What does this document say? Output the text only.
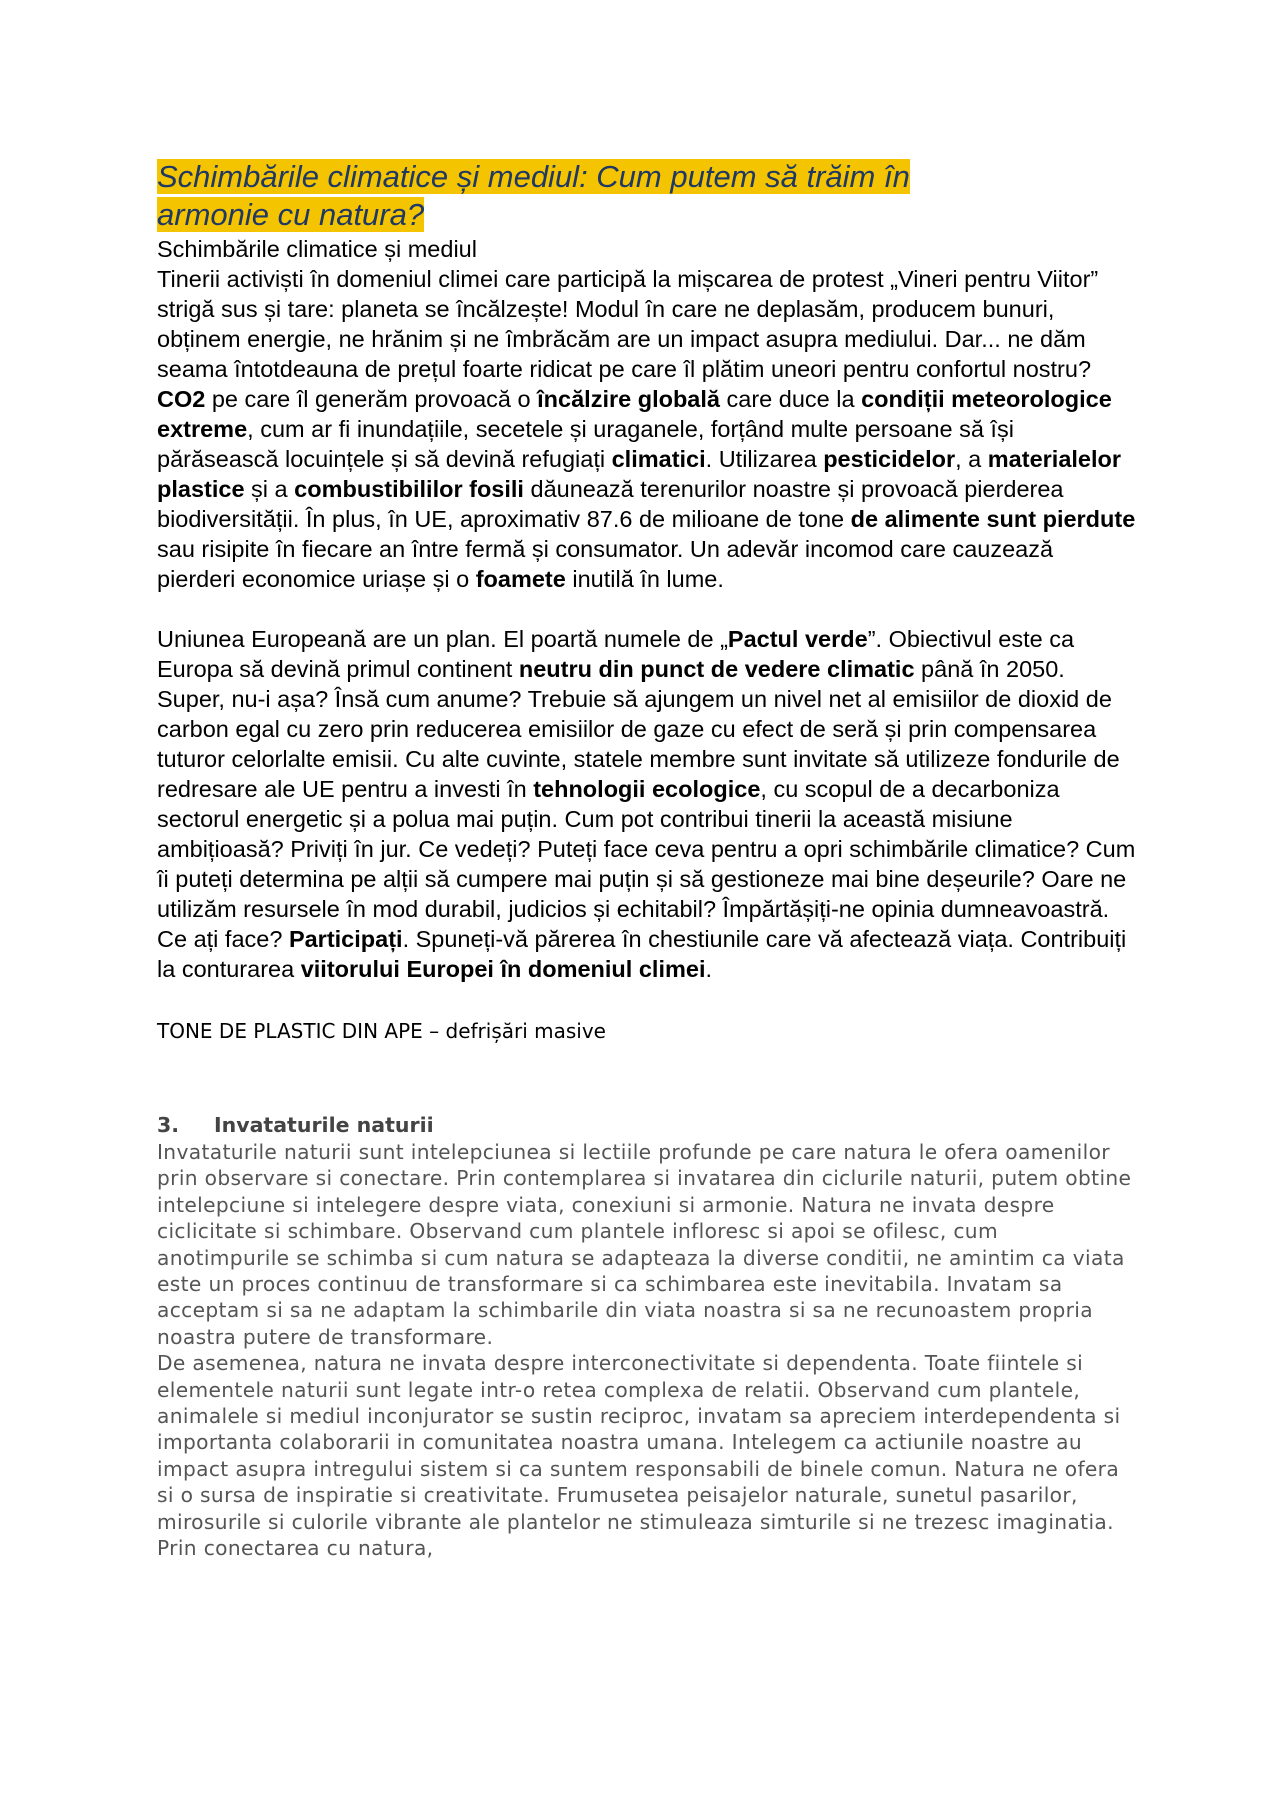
Schimbările climatice și mediul: Cum putem să trăim în armonie cu natura?

Schimbările climatice și mediul

Tinerii activiști în domeniul climei care participă la mișcarea de protest „Vineri pentru Viitor” strigă sus și tare: planeta se încălzește! Modul în care ne deplasăm, producem bunuri, obținem energie, ne hrănim și ne îmbrăcăm are un impact asupra mediului. Dar... ne dăm seama întotdeauna de prețul foarte ridicat pe care îl plătim uneori pentru confortul nostru? CO2 pe care îl generăm provoacă o încălzire globală care duce la condiții meteorologice extreme, cum ar fi inundațiile, secetele și uraganele, forțând multe persoane să își părăsească locuințele și să devină refugiați climatici. Utilizarea pesticidelor, a materialelor plastice și a combustibililor fosili dăunează terenurilor noastre și provoacă pierderea biodiversității. În plus, în UE, aproximativ 87.6 de milioane de tone de alimente sunt pierdute sau risipite în fiecare an între fermă și consumator. Un adevăr incomod care cauzează pierderi economice uriașe și o foamete inutilă în lume.

Uniunea Europeană are un plan. El poartă numele de „Pactul verde”. Obiectivul este ca Europa să devină primul continent neutru din punct de vedere climatic până în 2050. Super, nu-i așa? Însă cum anume? Trebuie să ajungem un nivel net al emisiilor de dioxid de carbon egal cu zero prin reducerea emisiilor de gaze cu efect de seră și prin compensarea tuturor celorlalte emisii. Cu alte cuvinte, statele membre sunt invitate să utilizeze fondurile de redresare ale UE pentru a investi în tehnologii ecologice, cu scopul de a decarboniza sectorul energetic și a polua mai puțin. Cum pot contribui tinerii la această misiune ambițioasă? Priviți în jur. Ce vedeți? Puteți face ceva pentru a opri schimbările climatice? Cum îi puteți determina pe alții să cumpere mai puțin și să gestioneze mai bine deșeurile? Oare ne utilizăm resursele în mod durabil, judicios și echitabil? Împărtășiți-ne opinia dumneavoastră. Ce ați face? Participați. Spuneți-vă părerea în chestiunile care vă afectează viața. Contribuiți la conturarea viitorului Europei în domeniul climei.

TONE DE PLASTIC DIN APE – defrișări masive

3. Invataturile naturii

Invataturile naturii sunt intelepciunea si lectiile profunde pe care natura le ofera oamenilor prin observare si conectare. Prin contemplarea si invatarea din ciclurile naturii, putem obtine intelepciune si intelegere despre viata, conexiuni si armonie. Natura ne invata despre ciclicitate si schimbare. Observand cum plantele infloresc si apoi se ofilesc, cum anotimpurile se schimba si cum natura se adapteaza la diverse conditii, ne amintim ca viata este un proces continuu de transformare si ca schimbarea este inevitabila. Invatam sa acceptam si sa ne adaptam la schimbarile din viata noastra si sa ne recunoastem propria noastra putere de transformare.

De asemenea, natura ne invata despre interconectivitate si dependenta. Toate fiintele si elementele naturii sunt legate intr-o retea complexa de relatii. Observand cum plantele, animalele si mediul inconjurator se sustin reciproc, invatam sa apreciem interdependenta si importanta colaborarii in comunitatea noastra umana. Intelegem ca actiunile noastre au impact asupra intregului sistem si ca suntem responsabili de binele comun. Natura ne ofera si o sursa de inspiratie si creativitate. Frumusetea peisajelor naturale, sunetul pasarilor, mirosurile si culorile vibrante ale plantelor ne stimuleaza simturile si ne trezesc imaginatia. Prin conectarea cu natura,
